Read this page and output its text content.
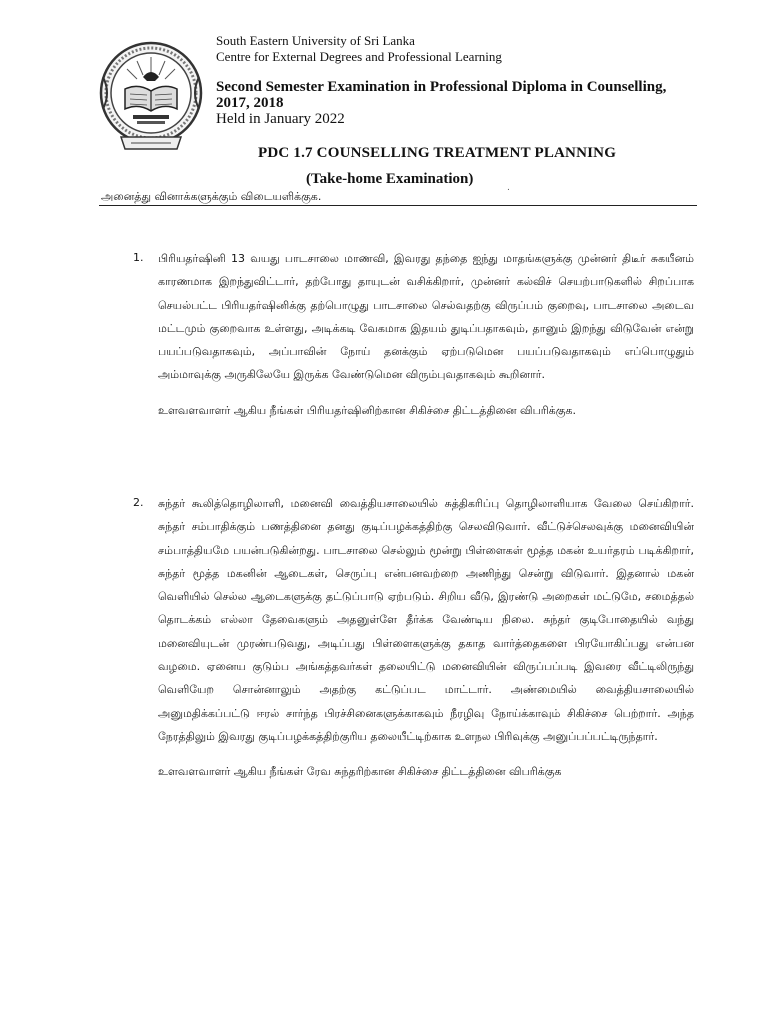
South Eastern University of Sri Lanka
Centre for External Degrees and Professional Learning
Second Semester Examination in Professional Diploma in Counselling, 2017, 2018
Held in January 2022
PDC 1.7 COUNSELLING TREATMENT PLANNING
(Take-home Examination)
.
அனைத்து வினாக்களுக்கும் விடையளிக்குக.
1. பிரியதர்ஷினி 13 வயது பாடசாலை மாணவி, இவரது தந்தை ஐந்து மாதங்களுக்கு முன்னர் திடீர் சுகயீனம் காரணமாக இறந்துவிட்டார், தற்போது தாயுடன் வசிக்கிறார், முன்னர் கல்விச் செயற்பாடுகளில் சிறப்பாக செயல்பட்ட பிரியதர்ஷினிக்கு தற்பொழுது பாடசாலை செல்வதற்கு விருப்பம் குறைவு, பாடசாலை அடைவ மட்டமும் குறைவாக உள்ளது, அடிக்கடி வேகமாக இதயம் துடிப்பதாகவும், தானும் இறந்து விடுவேன் என்று பயப்படுவதாகவும், அப்பாவின் நோய் தனக்கும் ஏற்படுமென பயப்படுவதாகவும் எப்பொழுதும் அம்மாவுக்கு அருகிலேயே இருக்க வேண்டுமென விரும்புவதாகவும் கூறினார்.

உளவளவாளர் ஆகிய நீங்கள் பிரியதர்ஷினிற்கான சிகிச்சை திட்டத்தினை விபரிக்குக.

2. சுந்தர் கூலித்தொழிலாளி, மனைவி வைத்தியசாலையில் சுத்திகரிப்பு தொழிலாளியாக வேலை செய்கிறார். சுந்தர் சம்பாதிக்கும் பணத்தினை தனது குடிப்பழக்கத்திற்கு செலவிடுவார். வீட்டுச்செலவுக்கு மனைவியின் சம்பாத்தியமே பயன்படுகின்றது. பாடசாலை செல்லும் மூன்று பிள்ளைகள் மூத்த மகன் உயர்தரம் படிக்கிறார், சுந்தர் மூத்த மகனின் ஆடைகள், செருப்பு என்பனவற்றை அணிந்து சென்று விடுவார். இதனால் மகன் வெளியில் செல்ல ஆடைகளுக்கு தட்டுப்பாடு ஏற்படும். சிறிய வீடு, இரண்டு அறைகள் மட்டுமே, சமைத்தல் தொடக்கம் எல்லா தேவைகளும் அதனுள்ளே தீர்க்க வேண்டிய நிலை. சுந்தர் குடிபோதையில் வந்து மனைவியுடன் முரண்படுவது, அடிப்பது பிள்ளைகளுக்கு தகாத வார்த்தைகளை பிரயோகிப்பது என்பன வழமை. ஏனைய குடும்ப அங்கத்தவர்கள் தலையிட்டு மனைவியின் விருப்பப்படி இவரை வீட்டிலிருந்து வெளியேற சொன்னாலும் அதற்கு கட்டுப்பட மாட்டார். அண்மையில் வைத்தியசாலையில் அனுமதிக்கப்பட்டு ஈரல் சார்ந்த பிரச்சினைகளுக்காகவும் நீரழிவு நோய்க்காவும் சிகிச்சை பெற்றார். அந்த நேரத்திலும் இவரது குடிப்பழக்கத்திற்குரிய தலையீட்டிற்காக உளநல பிரிவுக்கு அனுப்பப்பட்டிருந்தார்.

உளவளவாளர் ஆகிய நீங்கள் ரேவ சுந்தரிற்கான சிகிச்சை திட்டத்தினை விபரிக்குக
